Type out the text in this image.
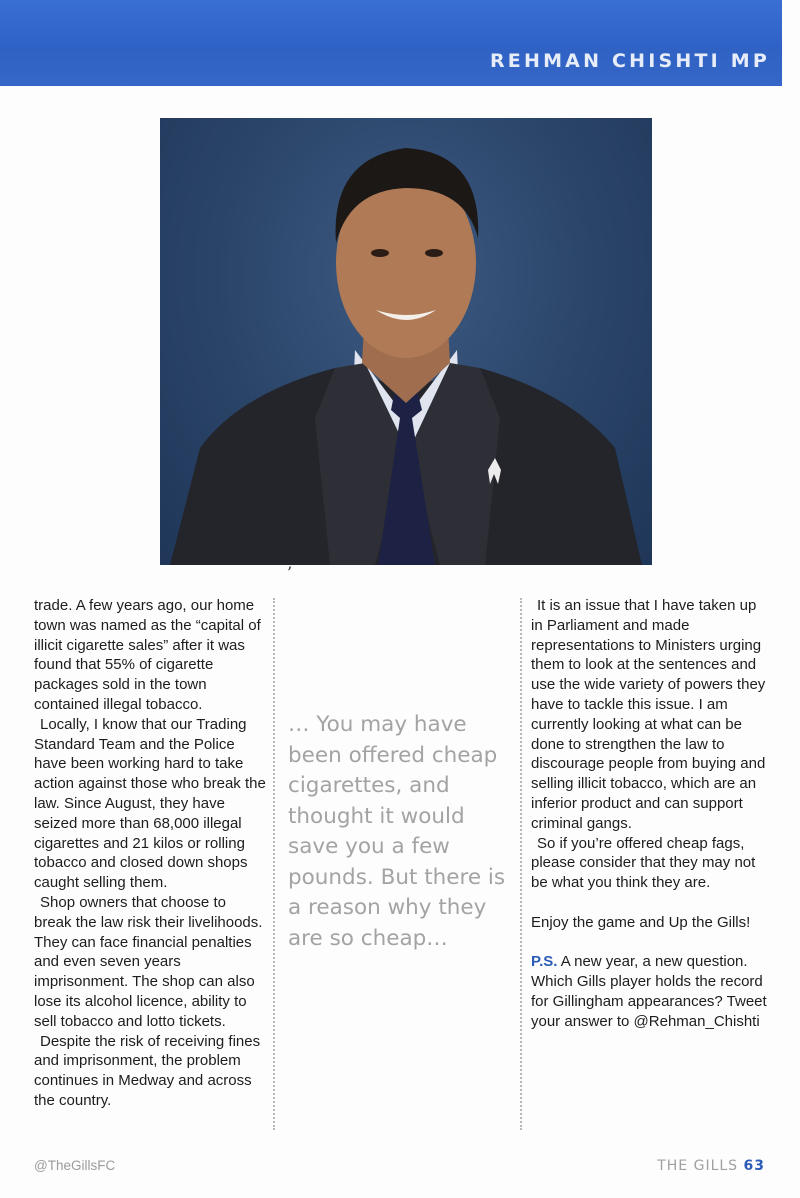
REHMAN CHISHTI MP
’

trade. A few years ago, our home town was named as the “capital of illicit cigarette sales” after it was found that 55% of cigarette packages sold in the town contained illegal tobacco.

Locally, I know that our Trading Standard Team and the Police have been working hard to take action against those who break the law. Since August, they have seized more than 68,000 illegal cigarettes and 21 kilos or rolling tobacco and closed down shops caught selling them.

Shop owners that choose to break the law risk their livelihoods. They can face financial penalties and even seven years imprisonment. The shop can also lose its alcohol licence, ability to sell tobacco and lotto tickets.

Despite the risk of receiving fines and imprisonment, the problem continues in Medway and across the country.

… You may have been offered cheap cigarettes, and thought it would save you a few pounds. But there is a reason why they are so cheap…

It is an issue that I have taken up in Parliament and made representations to Ministers urging them to look at the sentences and use the wide variety of powers they have to tackle this issue. I am currently looking at what can be done to strengthen the law to discourage people from buying and selling illicit tobacco, which are an inferior product and can support criminal gangs.

So if you’re offered cheap fags, please consider that they may not be what you think they are.

Enjoy the game and Up the Gills!

P.S. A new year, a new question. Which Gills player holds the record for Gillingham appearances? Tweet your answer to @Rehman_Chishti

@TheGillsFC	THE GILLS 63
